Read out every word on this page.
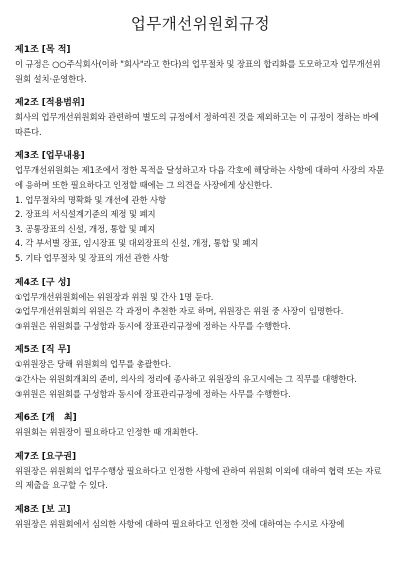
업무개선위원회규정

제1조 [목 적]

이 규정은 ○○주식회사(이하 "회사"라고 한다)의 업무절차 및 장표의 합리화를 도모하고자 업무개선위원회 설치·운영한다.

제2조 [적용범위]

회사의 업무개선위원회와 관련하여 별도의 규정에서 정하여진 것을 제외하고는 이 규정이 정하는 바에 따른다.

제3조 [업무내용]

업무개선위원회는 제1조에서 정한 목적을 달성하고자 다음 각호에 해당하는 사항에 대하여 사장의 자문에 응하며 또한 필요하다고 인정할 때에는 그 의견을 사장에게 상신한다.

1. 업무절차의 명확화 및 개선에 관한 사항

2. 장표의 서식설계기준의 제정 및 폐지

3. 공통장표의 신설, 개정, 통합 및 폐지

4. 각 부서별 장표, 임시장표 및 대외장표의 신설, 개정, 통합 및 폐지

5. 기타 업무절차 및 장표의 개선 관한 사항

제4조 [구 성]

①업무개선위원회에는 위원장과 위원 및 간사 1명 둔다.

②업무개선위원회의 위원은 각 과정이 추천한 자로 하며, 위원장은 위원 중 사장이 임명한다.

③위원은 위원회를 구성함과 동시에 장표관리규정에 정하는 사무를 수행한다.

제5조 [직 무]

①위원장은 당해 위원회의 업무를 총괄한다.

②간사는 위원회개최의 준비, 의사의 정리에 종사하고 위원장의 유고시에는 그 직무를 대행한다.

③위원은 위원회를 구성함과 동시에 장표관리규정에 정하는 사무를 수행한다.

제6조 [개   최]

위원회는 위원장이 필요하다고 인정한 때 개최한다.

제7조 [요구권]

위원장은 위원회의 업무수행상 필요하다고 인정한 사항에 관하여 위원회 이외에 대하여 협력 또는 자료의 제출을 요구할 수 있다.

제8조 [보 고]

위원장은 위원회에서 심의한 사항에 대하여 필요하다고 인정한 것에 대하여는 수시로 사장에
